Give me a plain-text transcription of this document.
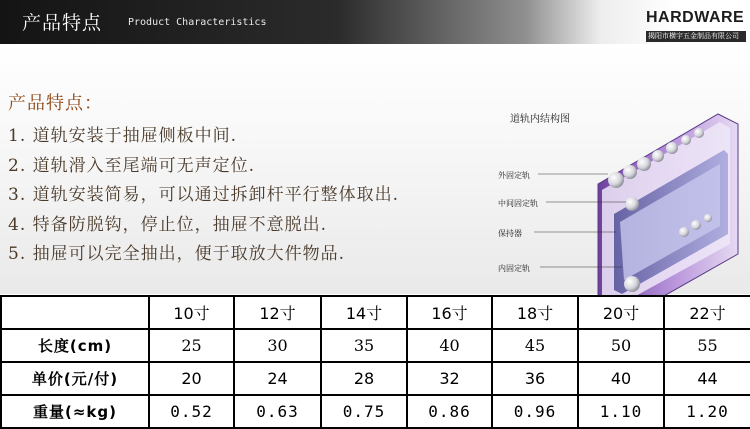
产品特点	Product Characteristics	HARDWARE
揭阳市横宇五金制品有限公司
产品特点：
1. 道轨安装于抽屉侧板中间.
2. 道轨滑入至尾端可无声定位.
3. 道轨安装简易，可以通过拆卸杆平行整体取出.
4. 特备防脱钩，停止位，抽屉不意脱出.
5. 抽屉可以完全抽出，便于取放大件物品.
道轨内结构图
外固定轨
中间固定轨
保持器
内固定轨
	10寸	12寸	14寸	16寸	18寸	20寸	22寸
长度(cm)	25	30	35	40	45	50	55
单价(元/付)	20	24	28	32	36	40	44
重量(≈kg)	0.52	0.63	0.75	0.86	0.96	1.10	1.20
